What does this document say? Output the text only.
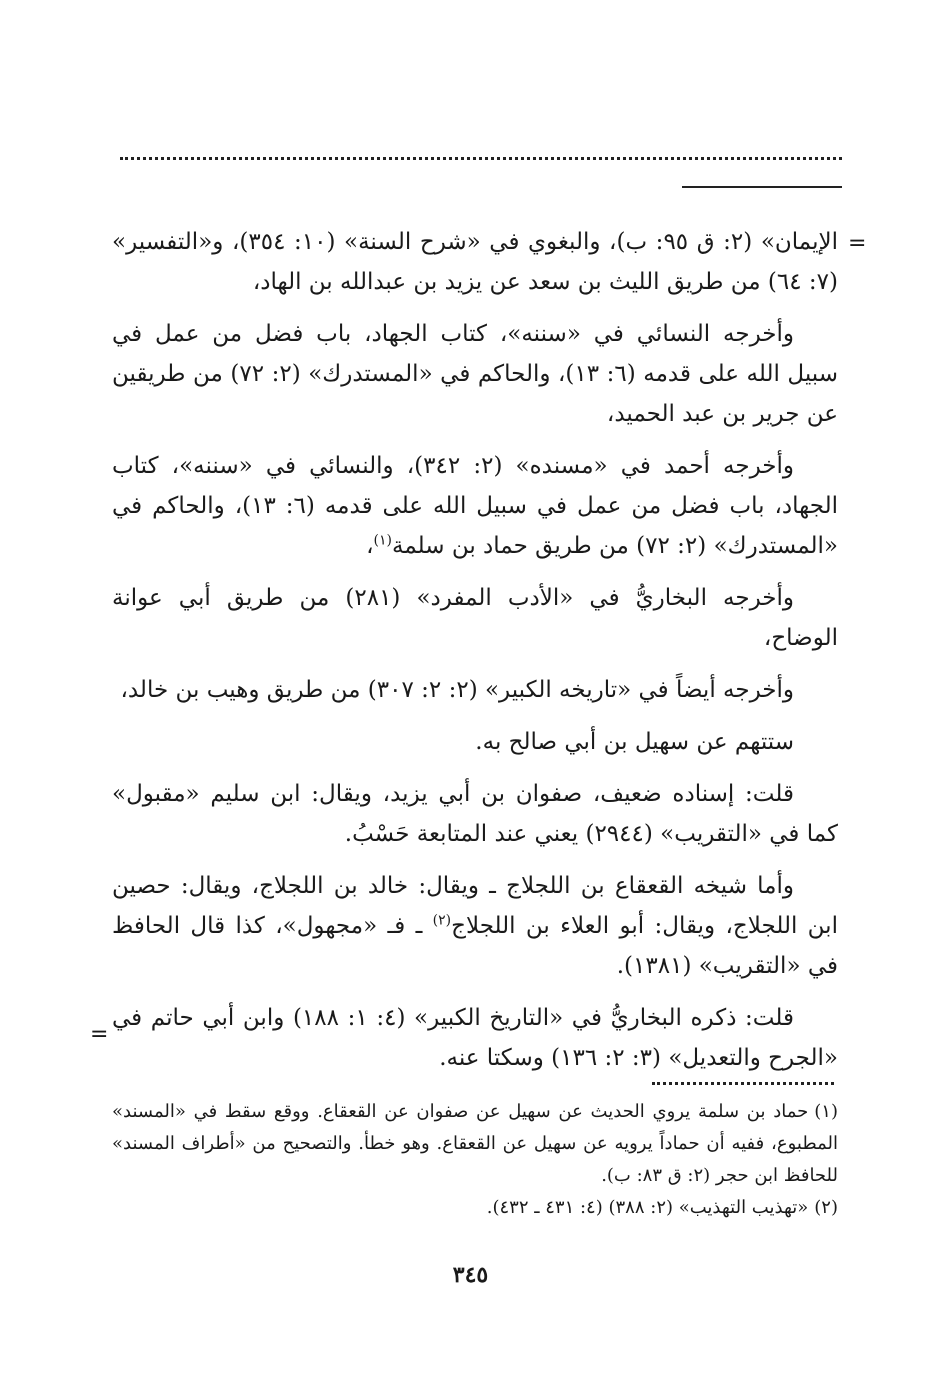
=

الإيمان» (٢: ق ٩٥: ب)، والبغوي في «شرح السنة» (١٠: ٣٥٤)، و«التفسير» (٧: ٦٤) من طريق الليث بن سعد عن يزيد بن عبدالله بن الهاد،

وأخرجه النسائي في «سننه»، كتاب الجهاد، باب فضل من عمل في سبيل الله على قدمه (٦: ١٣)، والحاكم في «المستدرك» (٢: ٧٢) من طريقين عن جرير بن عبد الحميد،

وأخرجه أحمد في «مسنده» (٢: ٣٤٢)، والنسائي في «سننه»، كتاب الجهاد، باب فضل من عمل في سبيل الله على قدمه (٦: ١٣)، والحاكم في «المستدرك» (٢: ٧٢) من طريق حماد بن سلمة$^{(١)}$،

وأخرجه البخاريُّ في «الأدب المفرد» (٢٨١) من طريق أبي عوانة الوضاح،

وأخرجه أيضاً في «تاريخه الكبير» (٢: ٢: ٣٠٧) من طريق وهيب بن خالد،

ستتهم عن سهيل بن أبي صالح به.

قلت: إسناده ضعيف، صفوان بن أبي يزيد، ويقال: ابن سليم «مقبول» كما في «التقريب» (٢٩٤٤) يعني عند المتابعة حَسْبُ.

وأما شيخه القعقاع بن اللجلاج ـ ويقال: خالد بن اللجلاج، ويقال: حصين ابن اللجلاج، ويقال: أبو العلاء بن اللجلاج$^{(٢)}$ ـ فـ «مجهول»، كذا قال الحافظ في «التقريب» (١٣٨١).

قلت: ذكره البخاريُّ في «التاريخ الكبير» (٤: ١: ١٨٨) وابن أبي حاتم في «الجرح والتعديل» (٣: ٢: ١٣٦) وسكتا عنه.

=

(١)حماد بن سلمة يروي الحديث عن سهيل عن صفوان عن القعقاع. ووقع سقط في «المسند» المطبوع، ففيه أن حماداً يرويه عن سهيل عن القعقاع. وهو خطأ. والتصحيح من «أطراف المسند» للحافظ ابن حجر (٢: ق ٨٣: ب).

(٢)«تهذيب التهذيب» (٢: ٣٨٨) (٤: ٤٣١ ـ ٤٣٢).

٣٤٥
